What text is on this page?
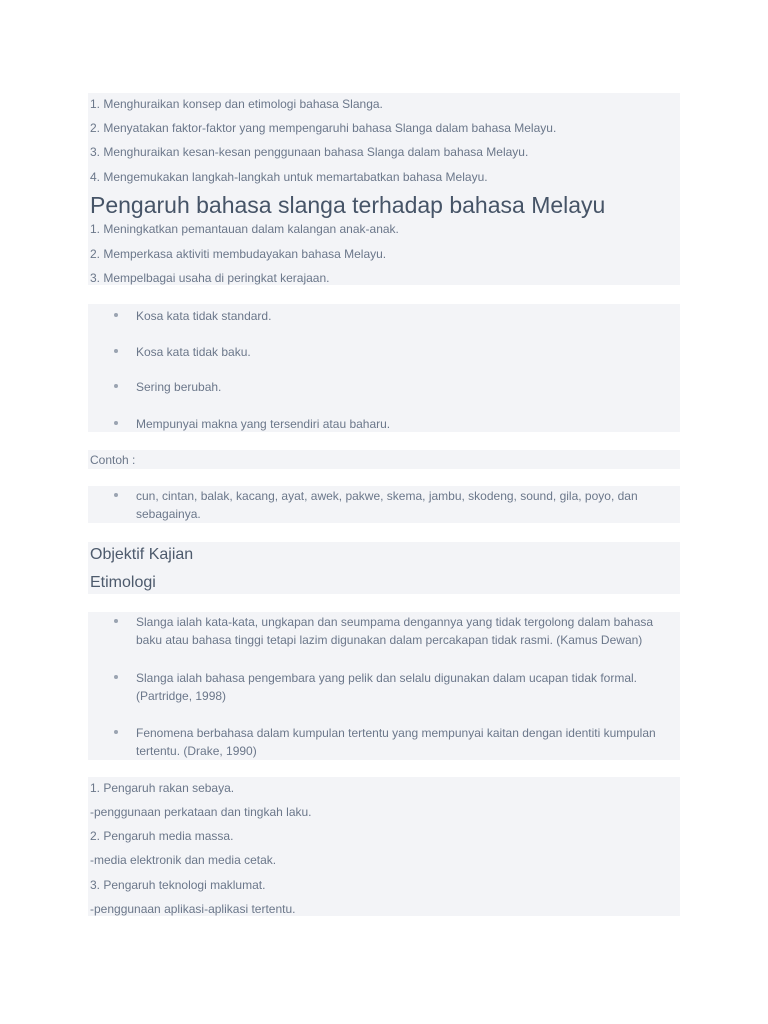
1. Menghuraikan konsep dan etimologi bahasa Slanga.
2. Menyatakan faktor-faktor yang mempengaruhi bahasa Slanga dalam bahasa Melayu.
3. Menghuraikan kesan-kesan penggunaan bahasa Slanga dalam bahasa Melayu.
4. Mengemukakan langkah-langkah untuk memartabatkan bahasa Melayu.
Pengaruh bahasa slanga terhadap bahasa Melayu
1. Meningkatkan pemantauan dalam kalangan anak-anak.
2. Memperkasa aktiviti membudayakan bahasa Melayu.
3. Mempelbagai usaha di peringkat kerajaan.
Kosa kata tidak standard.
Kosa kata tidak baku.
Sering berubah.
Mempunyai makna yang tersendiri atau baharu.
Contoh :
cun, cintan, balak, kacang, ayat, awek, pakwe, skema, jambu, skodeng, sound, gila, poyo, dan sebagainya.
Objektif Kajian
Etimologi
Slanga ialah kata-kata, ungkapan dan seumpama dengannya yang tidak tergolong dalam bahasa baku atau bahasa tinggi tetapi lazim digunakan dalam percakapan tidak rasmi. (Kamus Dewan)
Slanga ialah bahasa pengembara yang pelik dan selalu digunakan dalam ucapan tidak formal. (Partridge, 1998)
Fenomena berbahasa dalam kumpulan tertentu yang mempunyai kaitan dengan identiti kumpulan tertentu. (Drake, 1990)
1. Pengaruh rakan sebaya.
-penggunaan perkataan dan tingkah laku.
2. Pengaruh media massa.
-media elektronik dan media cetak.
3. Pengaruh teknologi maklumat.
-penggunaan aplikasi-aplikasi tertentu.
